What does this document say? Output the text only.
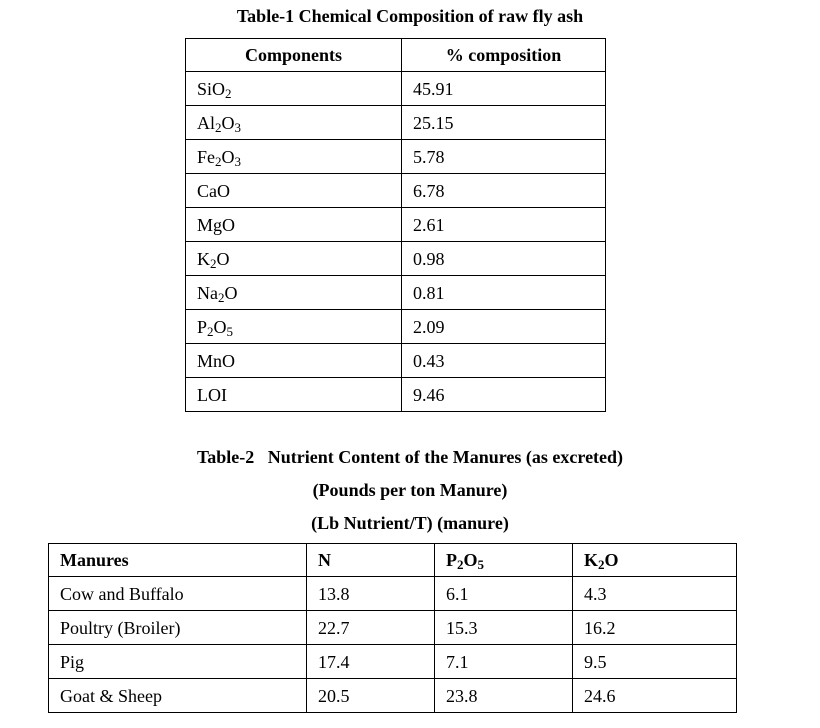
Table-1 Chemical Composition of raw fly ash
Components	% composition
SiO$_2$	45.91
$Al_2O_3$	25.15
$Fe_2O_3$	5.78
CaO	6.78
MgO	2.61
$K_2O$	0.98
$Na_2O$	0.81
$P_2O_5$	2.09
MnO	0.43
LOI	9.46
Table-2   Nutrient Content of the Manures (as excreted)
(Pounds per ton Manure)
(Lb Nutrient/T) (manure)
Manures	N	$P_2O_5$	$K_2O$
Cow and Buffalo	13.8	6.1	4.3
Poultry (Broiler)	22.7	15.3	16.2
Pig	17.4	7.1	9.5
Goat & Sheep	20.5	23.8	24.6
